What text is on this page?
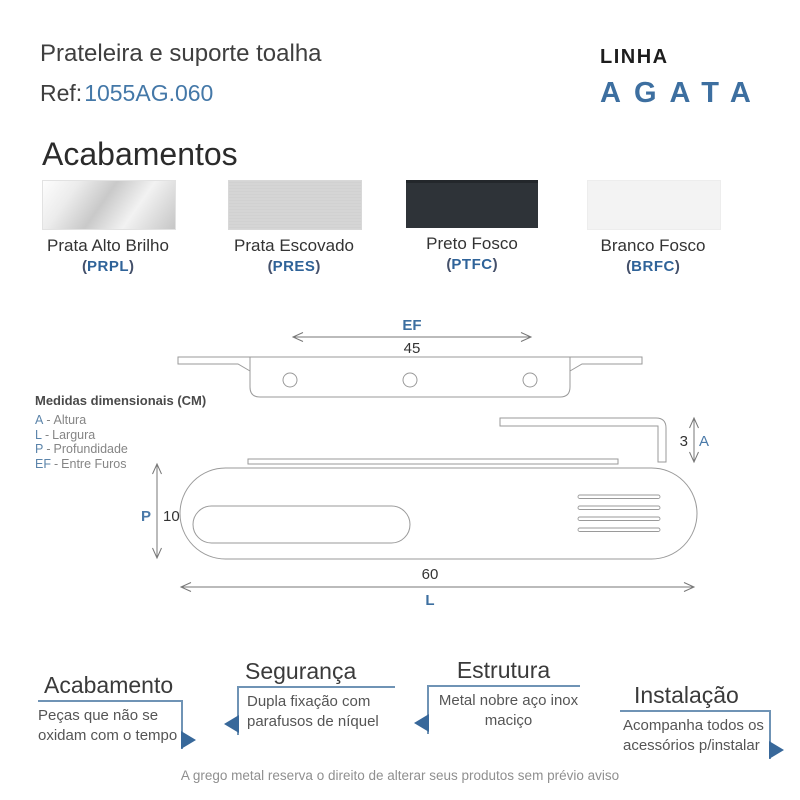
Prateleira e suporte toalha
Ref:1055AG.060
LINHA
AGATA
Acabamentos
Prata Alto Brilho
(PRPL)
Prata Escovado
(PRES)
Preto Fosco
(PTFC)
Branco Fosco
(BRFC)
EF
45
3 A
P 10
60
L
Medidas dimensionais (CM)
A - Altura
L - Largura
P - Profundidade
EF - Entre Furos
Acabamento
Peças que não se
oxidam com o tempo
Segurança
Dupla fixação com
parafusos de níquel
Estrutura
Metal nobre aço inox
maciço
Instalação
Acompanha todos os
acessórios p/instalar
A grego metal reserva o direito de alterar seus produtos sem prévio aviso
